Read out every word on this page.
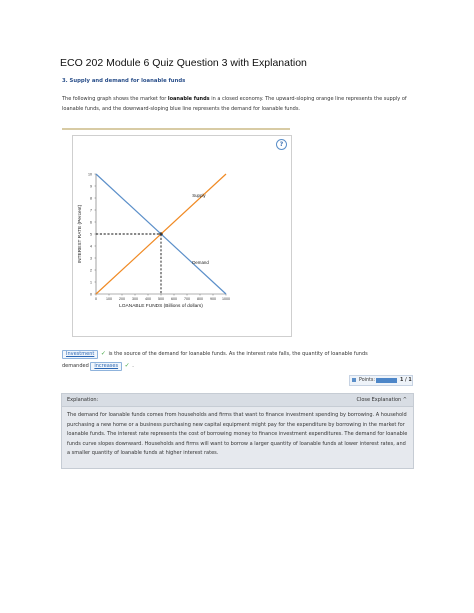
ECO 202 Module 6 Quiz Question 3 with Explanation
3. Supply and demand for loanable funds
The following graph shows the market for loanable funds in a closed economy. The upward-sloping orange line represents the supply of loanable funds, and the downward-sloping blue line represents the demand for loanable funds.
0	100 200 300 400 500 600 700 800 900 1000
0
1
2
3
4
5
6
7
8
9
10
Supply
Demand
LOANABLE FUNDS (Billions of dollars)
INTEREST RATE (Percent)
?
Investment ✓ is the source of the demand for loanable funds. As the interest rate falls, the quantity of loanable funds
demanded increases ✓ .
Points:	1 / 1
Explanation:	Close Explanation ^
The demand for loanable funds comes from households and firms that want to finance investment spending by borrowing. A household purchasing a new home or a business purchasing new capital equipment might pay for the expenditure by borrowing in the market for loanable funds. The interest rate represents the cost of borrowing money to finance investment expenditures. The demand for loanable funds curve slopes downward. Households and firms will want to borrow a larger quantity of loanable funds at lower interest rates, and a smaller quantity of loanable funds at higher interest rates.
